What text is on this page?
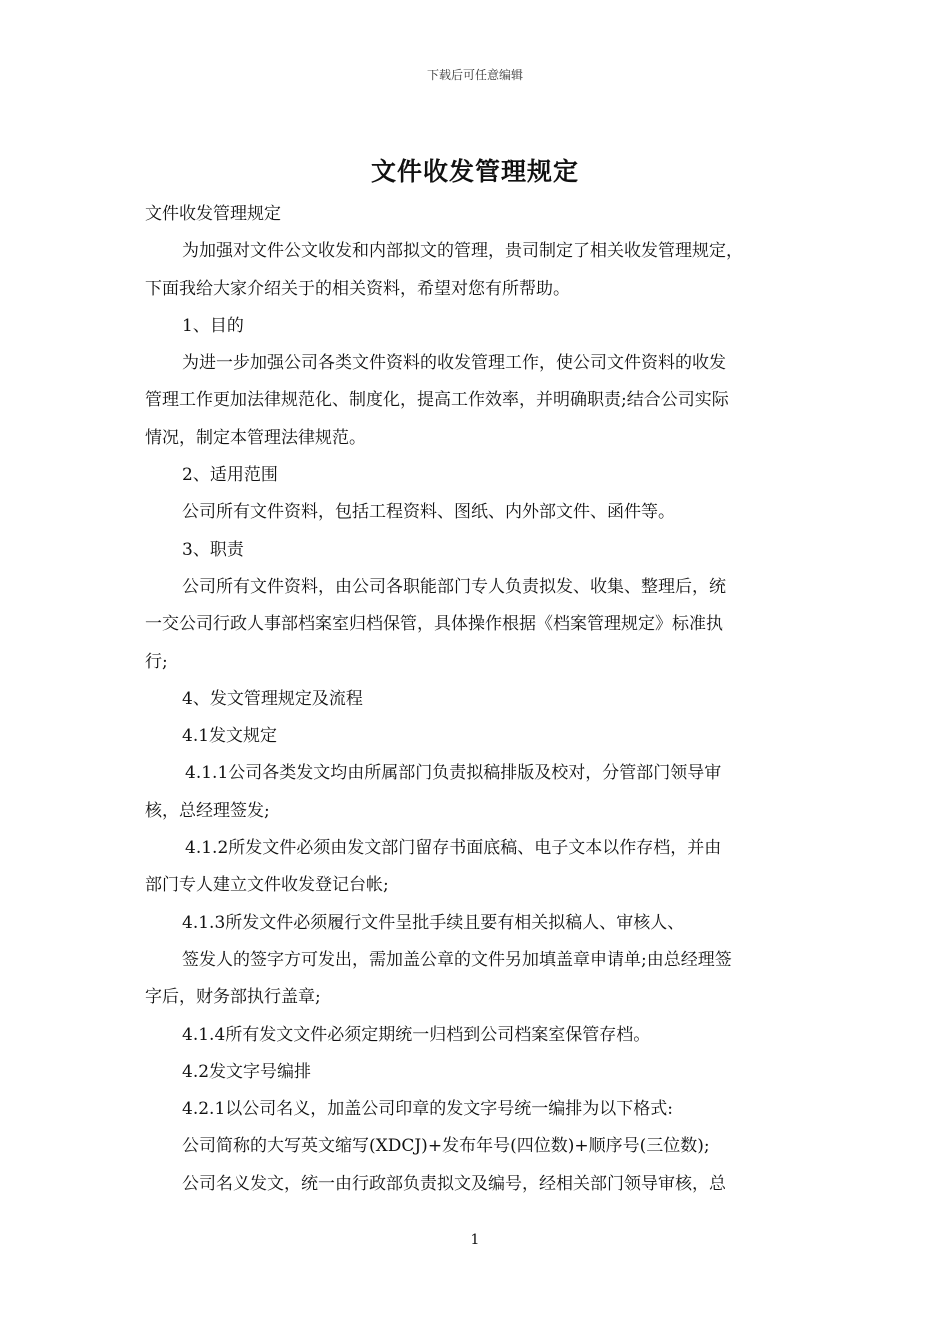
下载后可任意编辑
文件收发管理规定
文件收发管理规定
为加强对文件公文收发和内部拟文的管理，贵司制定了相关收发管理规定，
下面我给大家介绍关于的相关资料，希望对您有所帮助。
1、目的
为进一步加强公司各类文件资料的收发管理工作，使公司文件资料的收发
管理工作更加法律规范化、制度化，提高工作效率，并明确职责;结合公司实际
情况，制定本管理法律规范。
2、适用范围
公司所有文件资料，包括工程资料、图纸、内外部文件、函件等。
3、职责
公司所有文件资料，由公司各职能部门专人负责拟发、收集、整理后，统
一交公司行政人事部档案室归档保管，具体操作根据《档案管理规定》标准执
行;
4、发文管理规定及流程
4.1发文规定
4.1.1公司各类发文均由所属部门负责拟稿排版及校对，分管部门领导审
核，总经理签发;
4.1.2所发文件必须由发文部门留存书面底稿、电子文本以作存档，并由
部门专人建立文件收发登记台帐;
4.1.3所发文件必须履行文件呈批手续且要有相关拟稿人、审核人、
签发人的签字方可发出，需加盖公章的文件另加填盖章申请单;由总经理签
字后，财务部执行盖章;
4.1.4所有发文文件必须定期统一归档到公司档案室保管存档。
4.2发文字号编排
4.2.1以公司名义，加盖公司印章的发文字号统一编排为以下格式:
公司简称的大写英文缩写(XDCJ)+发布年号(四位数)+顺序号(三位数);
公司名义发文，统一由行政部负责拟文及编号，经相关部门领导审核，总
1
